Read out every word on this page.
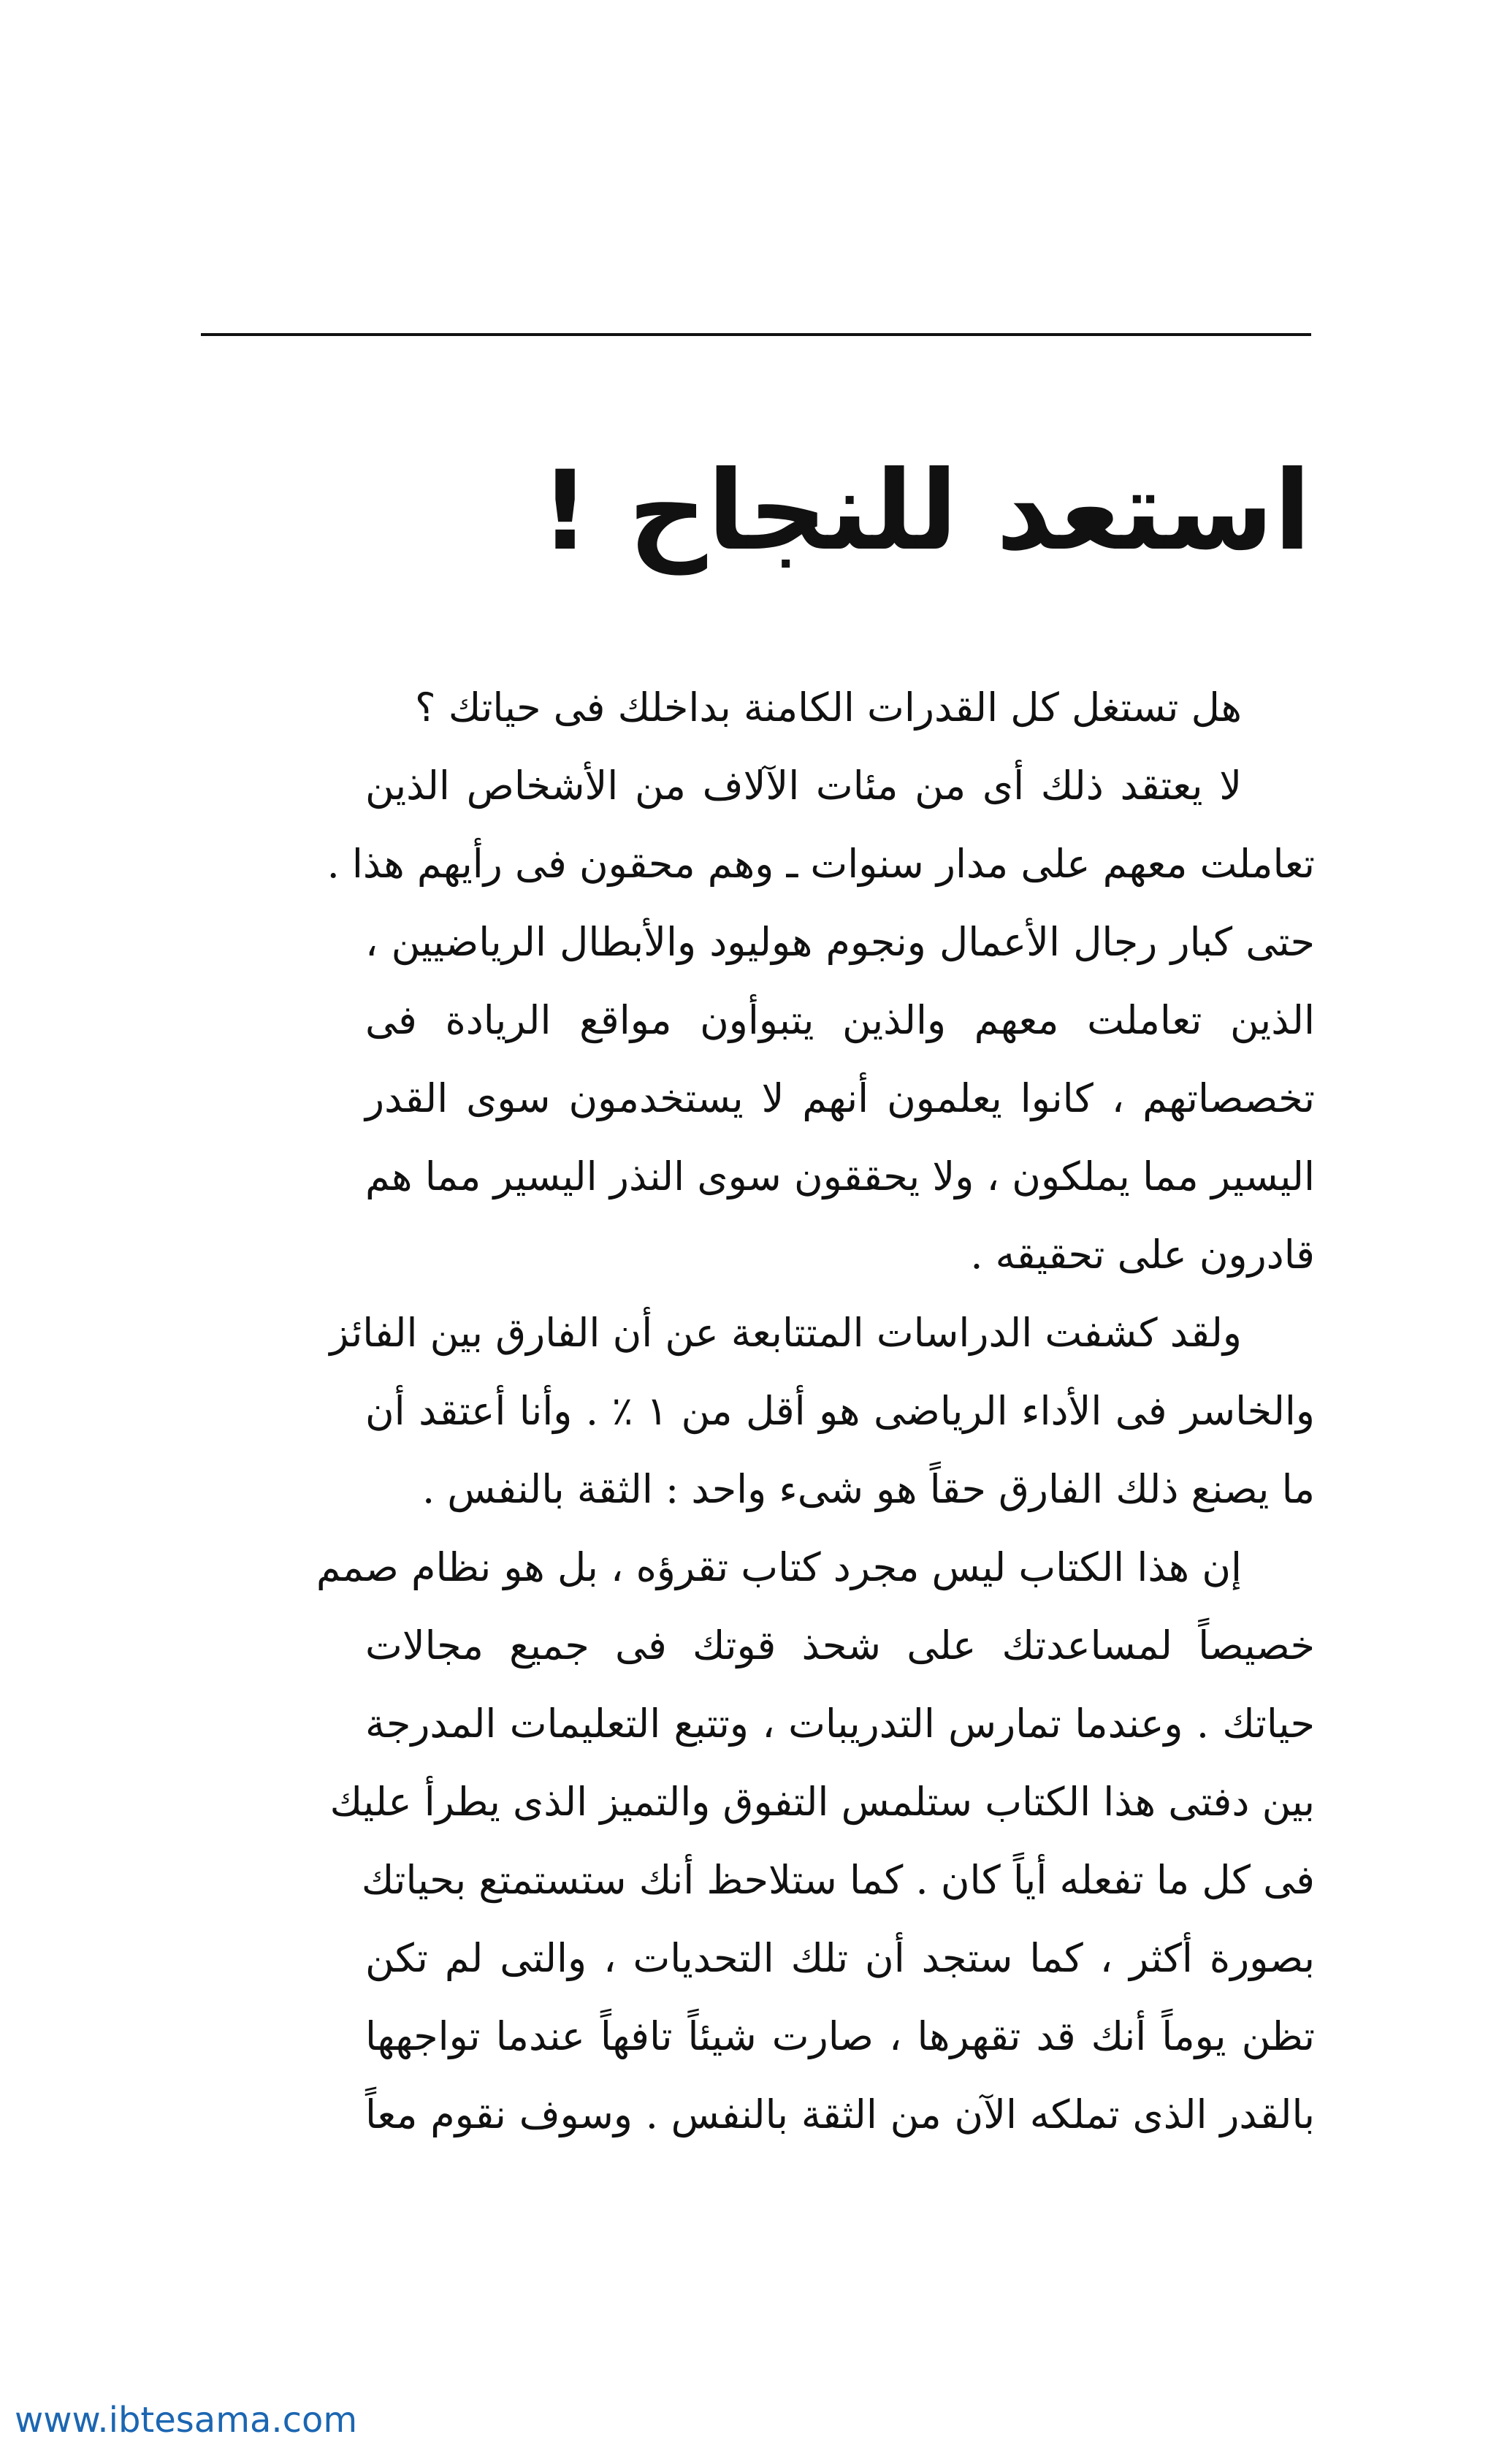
استعد للنجاح !

هل تستغل كل القدرات الكامنة بداخلك فى حياتك ؟

لا يعتقد ذلك أى من مئات الآلاف من الأشخاص الذين
تعاملت معهم على مدار سنوات ـ وهم محقون فى رأيهم هذا .
حتى كبار رجال الأعمال ونجوم هوليود والأبطال الرياضيين ،
الذين تعاملت معهم والذين يتبوأون مواقع الريادة فى
تخصصاتهم ، كانوا يعلمون أنهم لا يستخدمون سوى القدر
اليسير مما يملكون ، ولا يحققون سوى النذر اليسير مما هم
قادرون على تحقيقه .

ولقد كشفت الدراسات المتتابعة عن أن الفارق بين الفائز
والخاسر فى الأداء الرياضى هو أقل من ١ ٪ . وأنا أعتقد أن
ما يصنع ذلك الفارق حقاً هو شىء واحد : الثقة بالنفس .

إن هذا الكتاب ليس مجرد كتاب تقرؤه ، بل هو نظام صمم
خصيصاً لمساعدتك على شحذ قوتك فى جميع مجالات
حياتك . وعندما تمارس التدريبات ، وتتبع التعليمات المدرجة
بين دفتى هذا الكتاب ستلمس التفوق والتميز الذى يطرأ عليك
فى كل ما تفعله أياً كان . كما ستلاحظ أنك ستستمتع بحياتك
بصورة أكثر ، كما ستجد أن تلك التحديات ، والتى لم تكن
تظن يوماً أنك قد تقهرها ، صارت شيئاً تافهاً عندما تواجهها
بالقدر الذى تملكه الآن من الثقة بالنفس . وسوف نقوم معاً

www.ibtesama.com
